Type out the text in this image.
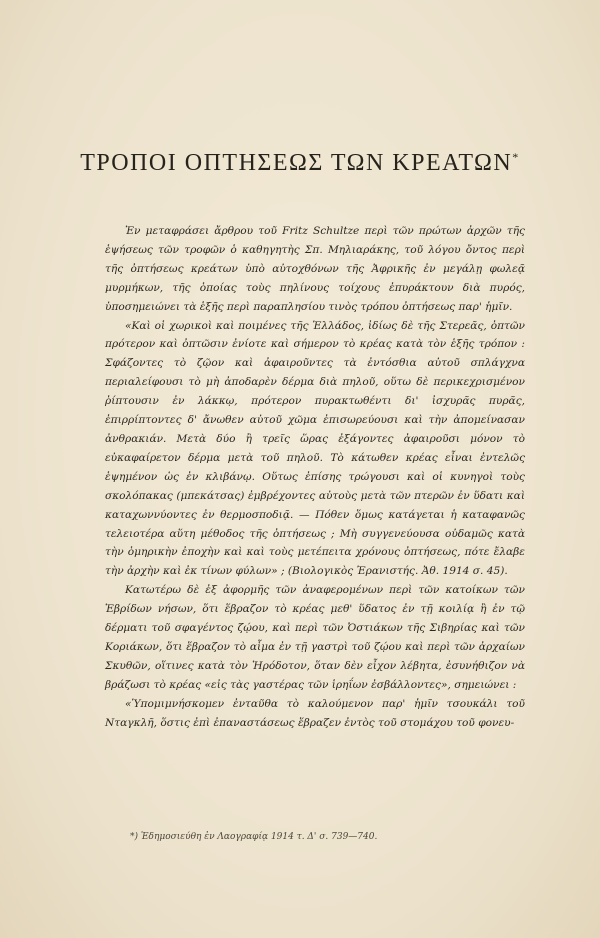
ΤΡΟΠΟΙ ΟΠΤΗΣΕΩΣ ΤΩΝ ΚΡΕΑΤΩΝ*

Ἐν μεταφράσει ἄρθρου τοῦ Fritz Schultze περὶ τῶν πρώτων ἀρχῶν τῆς ἑψήσεως τῶν τροφῶν ὁ καθηγητὴς Σπ. Μηλιαράκης, τοῦ λόγου ὄντος περὶ τῆς ὀπτήσεως κρεάτων ὑπὸ αὐτοχθόνων τῆς Ἀφρικῆς ἐν μεγάλῃ φωλεᾷ μυρμήκων, τῆς ὁποίας τοὺς πηλίνους τοίχους ἐπυράκτουν διὰ πυρός, ὑποσημειώνει τὰ ἑξῆς περὶ παραπλησίου τινὸς τρόπου ὀπτήσεως παρ' ἡμῖν.

«Καὶ οἱ χωρικοὶ καὶ ποιμένες τῆς Ἑλλάδος, ἰδίως δὲ τῆς Στερεᾶς, ὀπτῶν πρότερον καὶ ὀπτῶσιν ἐνίοτε καὶ σήμερον τὸ κρέας κατὰ τὸν ἑξῆς τρόπον : Σφάζοντες τὸ ζῷον καὶ ἀφαιροῦντες τὰ ἐντόσθια αὐτοῦ σπλάγχνα περιαλείφουσι τὸ μὴ ἀποδαρὲν δέρμα διὰ πηλοῦ, οὕτω δὲ περικεχρισμένον ῥίπτουσιν ἐν λάκκῳ, πρότερον πυρακτωθέντι δι' ἰσχυρᾶς πυρᾶς, ἐπιρρίπτοντες δ' ἄνωθεν αὐτοῦ χῶμα ἐπισωρεύουσι καὶ τὴν ἀπομείνασαν ἀνθρακιάν. Μετὰ δύο ἢ τρεῖς ὥρας ἐξάγοντες ἀφαιροῦσι μόνον τὸ εὐκαφαίρετον δέρμα μετὰ τοῦ πηλοῦ. Τὸ κάτωθεν κρέας εἶναι ἐντελῶς ἑψημένον ὡς ἐν κλιβάνῳ. Οὕτως ἐπίσης τρώγουσι καὶ οἱ κυνηγοὶ τοὺς σκολόπακας (μπεκάτσας) ἐμβρέχοντες αὐτοὺς μετὰ τῶν πτερῶν ἐν ὕδατι καὶ καταχωννύοντες ἐν θερμοσποδιᾷ. — Πόθεν ὅμως κατάγεται ἡ καταφανῶς τελειοτέρα αὕτη μέθοδος τῆς ὀπτήσεως ; Μὴ συγγενεύουσα οὐδαμῶς κατὰ τὴν ὁμηρικὴν ἐποχὴν καὶ καὶ τοὺς μετέπειτα χρόνους ὀπτήσεως, πότε ἔλαβε τὴν ἀρχὴν καὶ ἐκ τίνων φύλων» ; (Βιολογικὸς Ἐρανιστής. Ἀθ. 1914 σ. 45).

Κατωτέρω δὲ ἐξ ἀφορμῆς τῶν ἀναφερομένων περὶ τῶν κατοίκων τῶν Ἑβρίδων νήσων, ὅτι ἕβραζον τὸ κρέας μεθ' ὕδατος ἐν τῇ κοιλίᾳ ἢ ἐν τῷ δέρματι τοῦ σφαγέντος ζῴου, καὶ περὶ τῶν Ὀστιάκων τῆς Σιβηρίας καὶ τῶν Κοριάκων, ὅτι ἕβραζον τὸ αἷμα ἐν τῇ γαστρὶ τοῦ ζῴου καὶ περὶ τῶν ἀρχαίων Σκυθῶν, οἵτινες κατὰ τὸν Ἡρόδοτον, ὅταν δὲν εἶχον λέβητα, ἐσυνήθιζον νὰ βράζωσι τὸ κρέας «εἰς τὰς γαστέρας τῶν ἱρηΐων ἐσβάλλοντες», σημειώνει :

«Ὑπομιμνήσκομεν ἐνταῦθα τὸ καλούμενον παρ' ἡμῖν τσουκάλι τοῦ Νταγκλῆ, ὅστις ἐπὶ ἐπαναστάσεως ἕβραζεν ἐντὸς τοῦ στομάχου τοῦ φονευ-

*) Ἐδημοσιεύθη ἐν Λαογραφίᾳ 1914 τ. Δ' σ. 739—740.
